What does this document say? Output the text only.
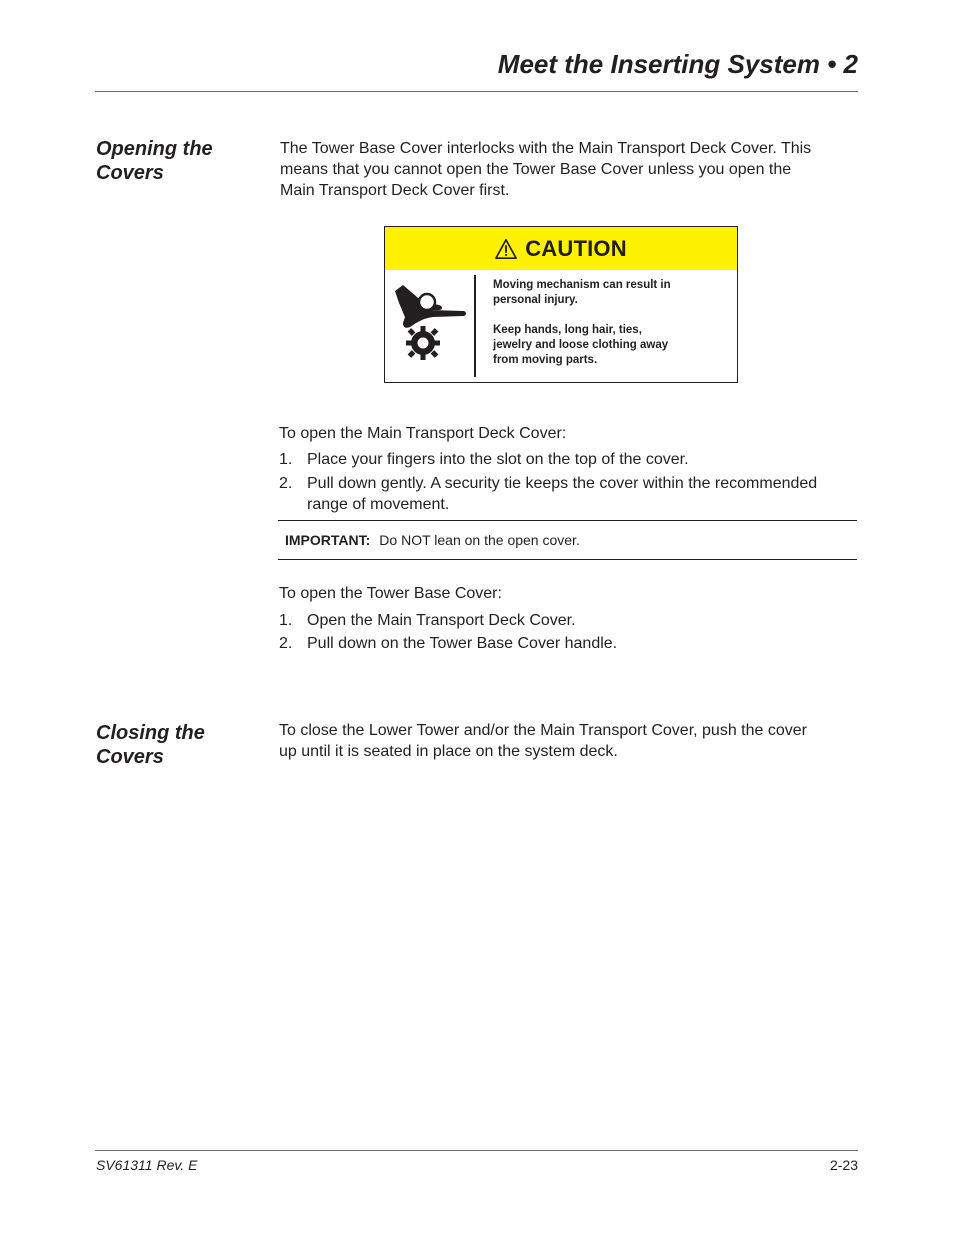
Meet the Inserting System • 2
Opening the
Covers

The Tower Base Cover interlocks with the Main Transport Deck Cover. This
means that you cannot open the Tower Base Cover unless you open the
Main Transport Deck Cover first.

CAUTION

Moving mechanism can result in
personal injury.

Keep hands, long hair, ties,
jewelry and loose clothing away
from moving parts.

To open the Main Transport Deck Cover:

1. Place your fingers into the slot on the top of the cover.
2. Pull down gently. A security tie keeps the cover within the recommended
range of movement.
IMPORTANT: Do NOT lean on the open cover.

To open the Tower Base Cover:

1. Open the Main Transport Deck Cover.
2. Pull down on the Tower Base Cover handle.
Closing the
Covers

To close the Lower Tower and/or the Main Transport Cover, push the cover
up until it is seated in place on the system deck.

SV61311 Rev. E	2-23
